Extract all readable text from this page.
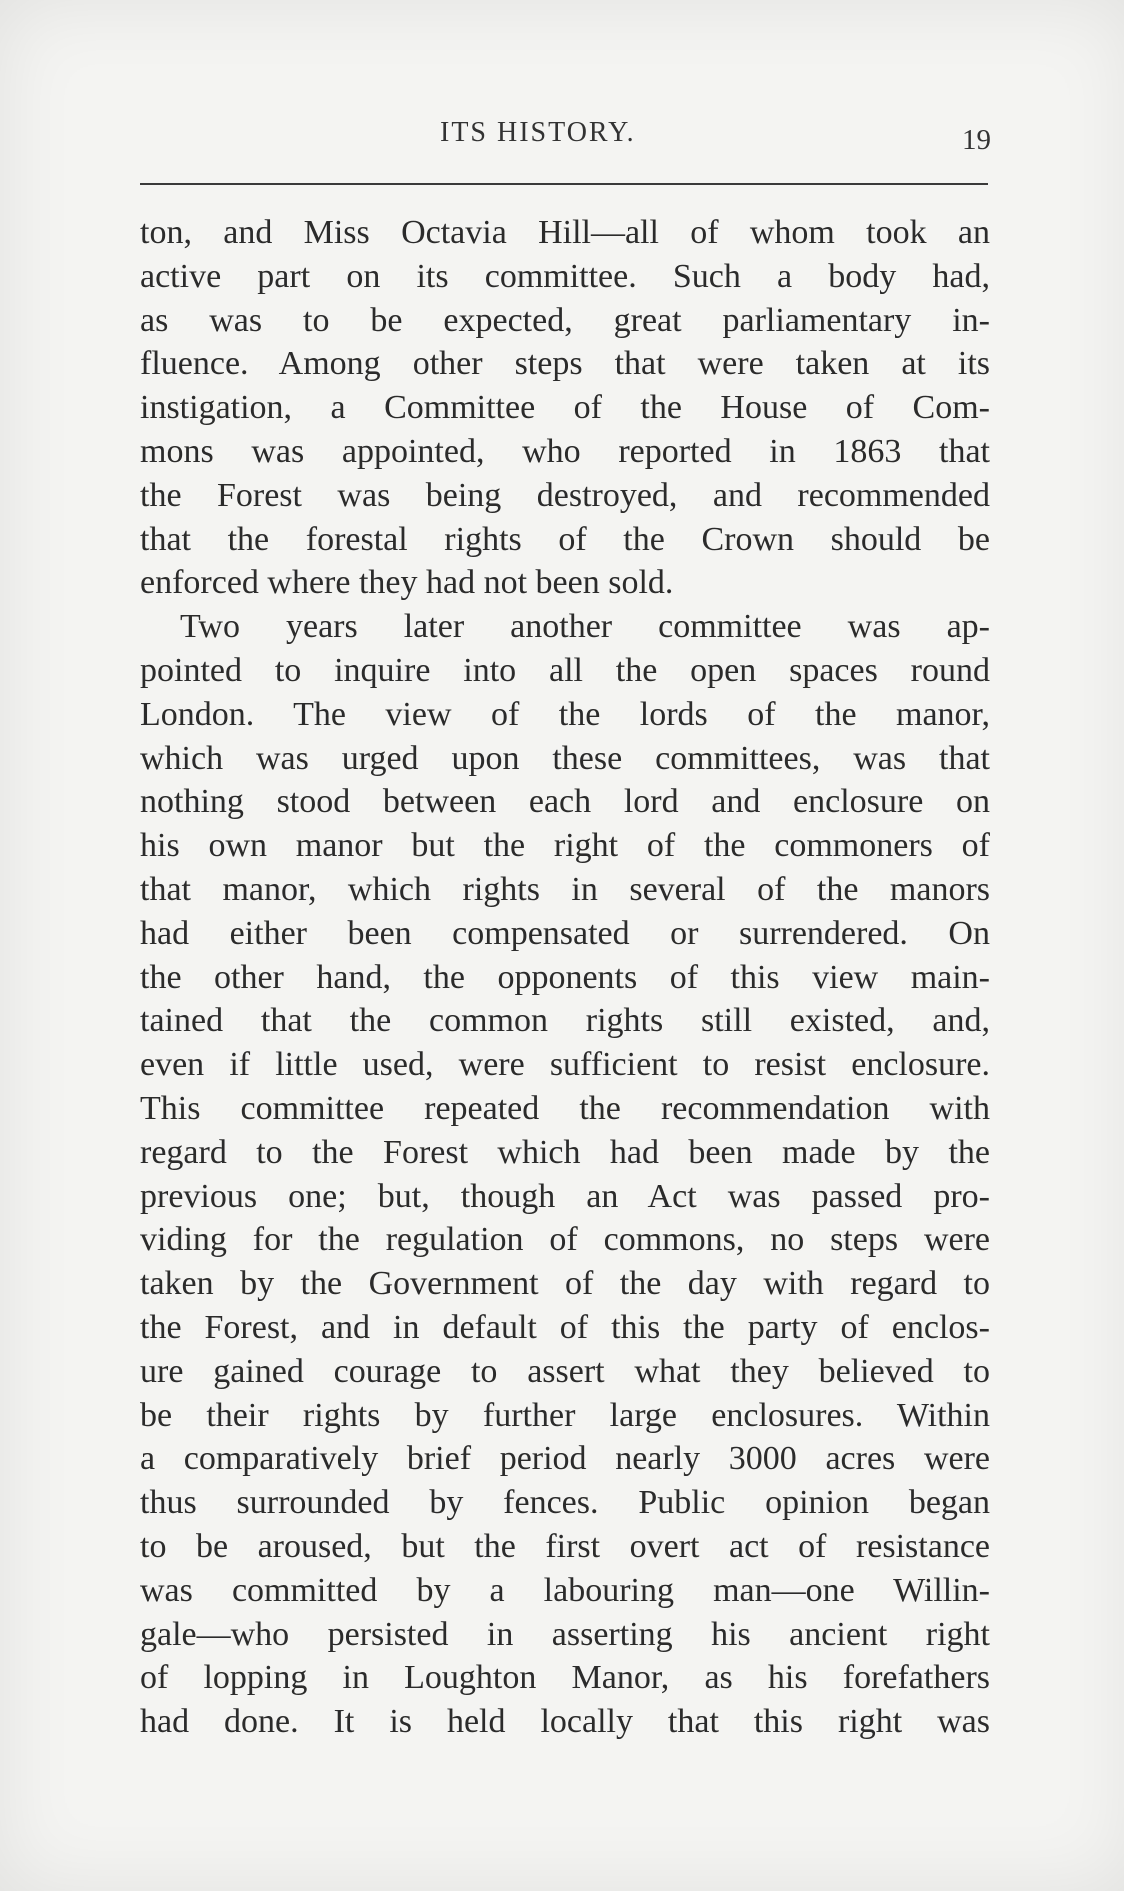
ITS HISTORY.	19
ton, and Miss Octavia Hill—all of whom took an
active part on its committee. Such a body had,
as was to be expected, great parliamentary in-
fluence. Among other steps that were taken at its
instigation, a Committee of the House of Com-
mons was appointed, who reported in 1863 that
the Forest was being destroyed, and recommended
that the forestal rights of the Crown should be
enforced where they had not been sold.
Two years later another committee was ap-
pointed to inquire into all the open spaces round
London. The view of the lords of the manor,
which was urged upon these committees, was that
nothing stood between each lord and enclosure on
his own manor but the right of the commoners of
that manor, which rights in several of the manors
had either been compensated or surrendered. On
the other hand, the opponents of this view main-
tained that the common rights still existed, and,
even if little used, were sufficient to resist enclosure.
This committee repeated the recommendation with
regard to the Forest which had been made by the
previous one; but, though an Act was passed pro-
viding for the regulation of commons, no steps were
taken by the Government of the day with regard to
the Forest, and in default of this the party of enclos-
ure gained courage to assert what they believed to
be their rights by further large enclosures. Within
a comparatively brief period nearly 3000 acres were
thus surrounded by fences. Public opinion began
to be aroused, but the first overt act of resistance
was committed by a labouring man—one Willin-
gale—who persisted in asserting his ancient right
of lopping in Loughton Manor, as his forefathers
had done. It is held locally that this right was
